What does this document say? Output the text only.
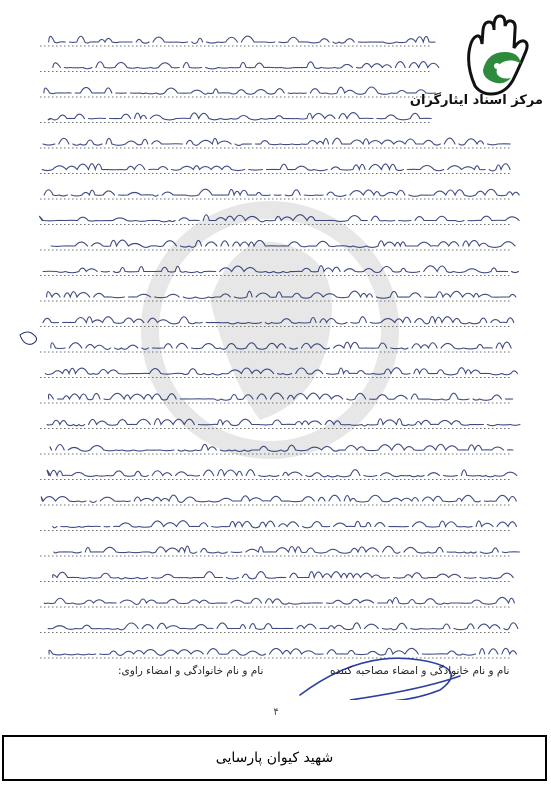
مرکز اسناد ایثارگران
نام و نام خانوادگی و امضاء مصاحبه کننده
نام و نام خانوادگی و امضاء راوی:
۴
شهید کیوان پارسایی
